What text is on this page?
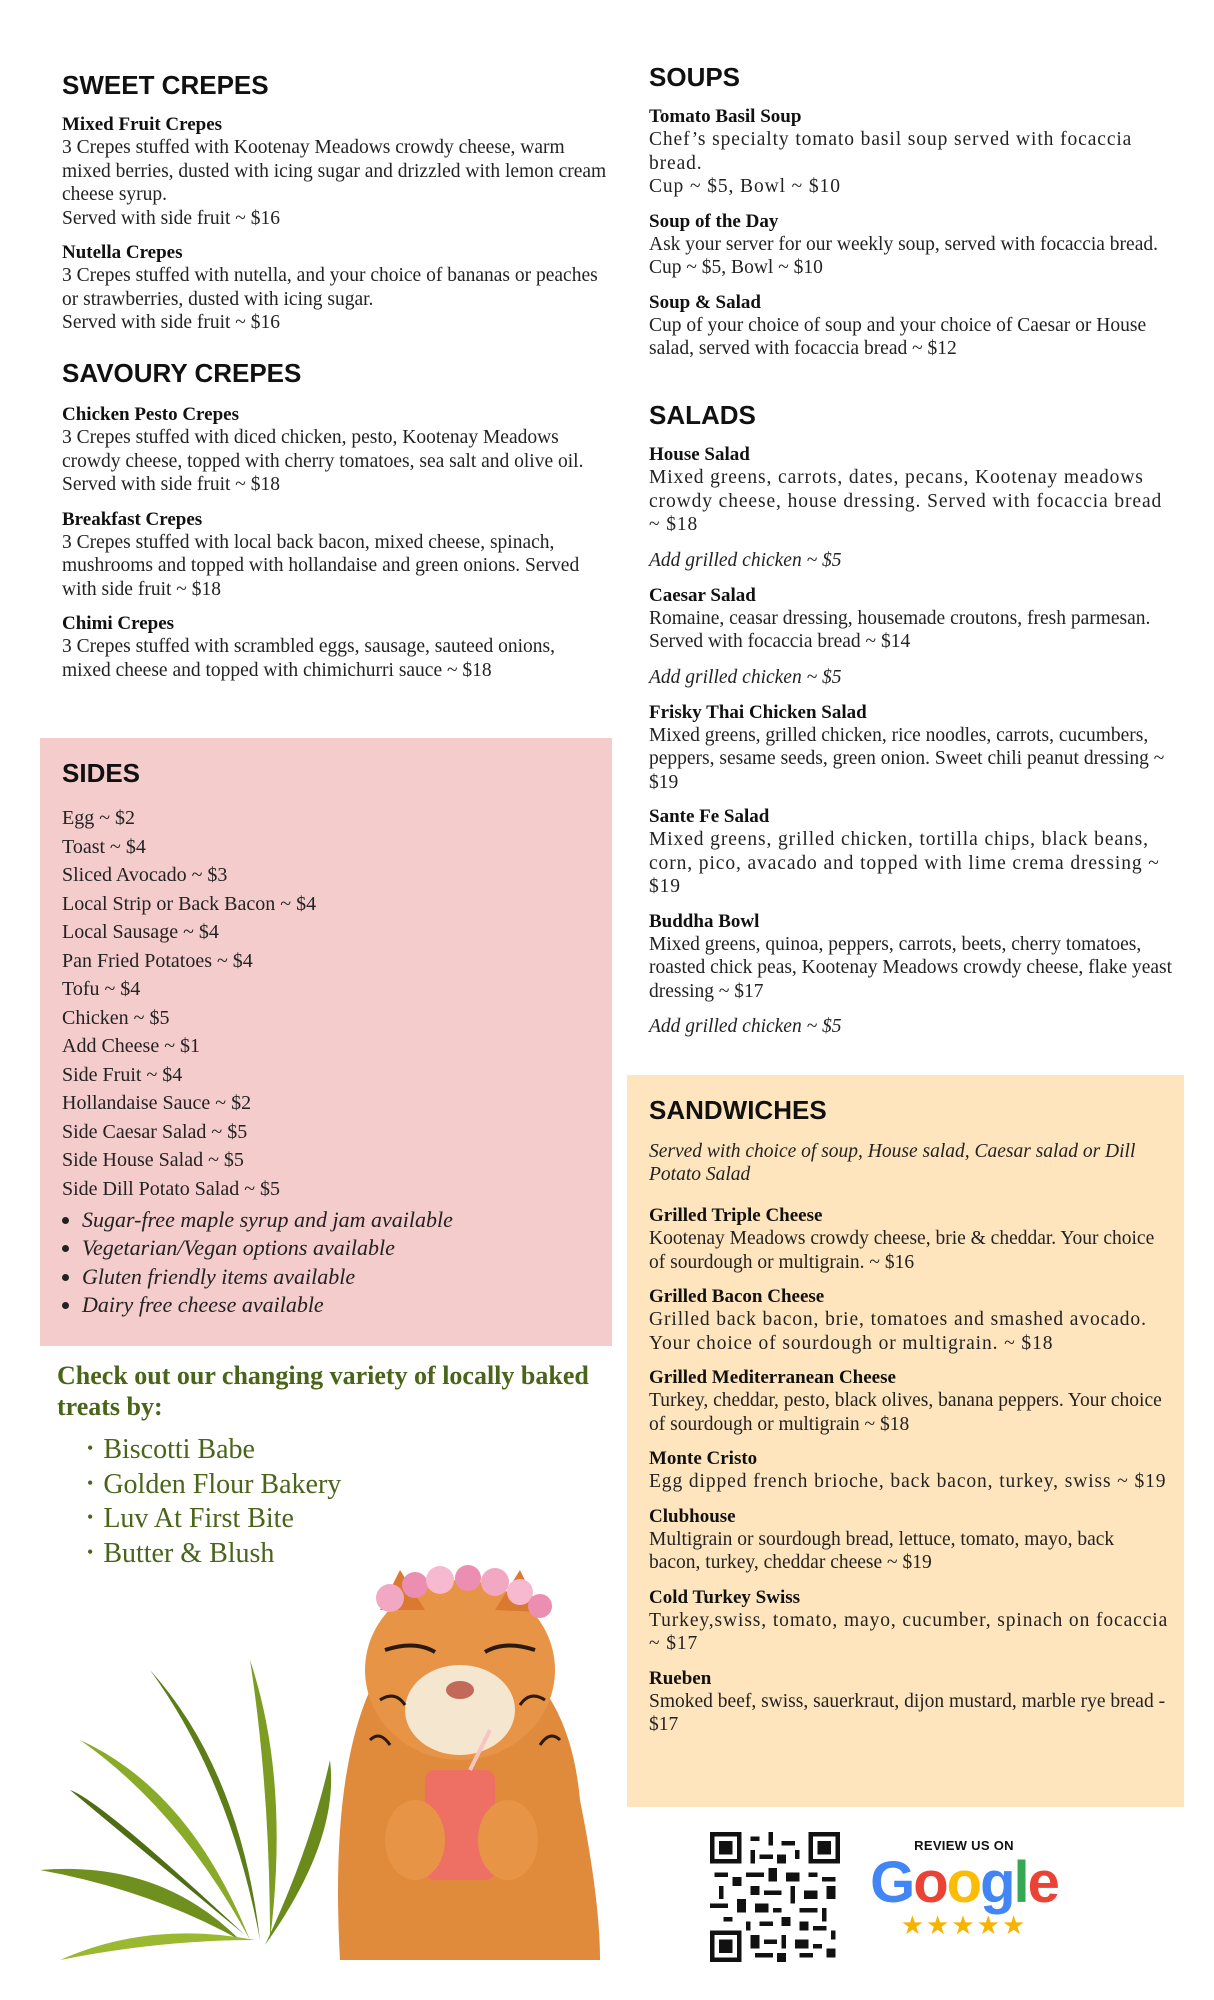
SWEET CREPES
Mixed Fruit Crepes
3 Crepes stuffed with Kootenay Meadows crowdy cheese, warm mixed berries, dusted with icing sugar and drizzled with lemon cream cheese syrup.
Served with side fruit ~ $16
Nutella Crepes
3 Crepes stuffed with nutella, and your choice of bananas or peaches or strawberries, dusted with icing sugar.
Served with side fruit ~ $16
SAVOURY CREPES
Chicken Pesto Crepes
3 Crepes stuffed with diced chicken, pesto, Kootenay Meadows crowdy cheese, topped with cherry tomatoes, sea salt and olive oil. Served with side fruit ~ $18
Breakfast Crepes
3 Crepes stuffed with local back bacon, mixed cheese, spinach, mushrooms and topped with hollandaise and green onions. Served with side fruit ~ $18
Chimi Crepes
3 Crepes stuffed with scrambled eggs, sausage, sauteed onions, mixed cheese and topped with chimichurri sauce ~ $18
SIDES
Egg ~ $2
Toast ~ $4
Sliced Avocado ~ $3
Local Strip or Back Bacon ~ $4
Local Sausage ~ $4
Pan Fried Potatoes ~ $4
Tofu ~ $4
Chicken ~ $5
Add Cheese ~ $1
Side Fruit ~ $4
Hollandaise Sauce ~ $2
Side Caesar Salad ~ $5
Side House Salad ~ $5
Side Dill Potato Salad ~ $5
• Sugar-free maple syrup and jam available
• Vegetarian/Vegan options available
• Gluten friendly items available
• Dairy free cheese available
Check out our changing variety of locally baked treats by:
• Biscotti Babe
• Golden Flour Bakery
• Luv At First Bite
• Butter & Blush
SOUPS
Tomato Basil Soup
Chef’s specialty tomato basil soup served with focaccia bread.
Cup ~ $5, Bowl ~ $10
Soup of the Day
Ask your server for our weekly soup, served with focaccia bread.
Cup ~ $5, Bowl ~ $10
Soup & Salad
Cup of your choice of soup and your choice of Caesar or House salad, served with focaccia bread ~ $12
SALADS
House Salad
Mixed greens, carrots, dates, pecans, Kootenay meadows crowdy cheese, house dressing. Served with focaccia bread ~ $18
Add grilled chicken ~ $5
Caesar Salad
Romaine, ceasar dressing, housemade croutons, fresh parmesan. Served with focaccia bread ~ $14
Add grilled chicken ~ $5
Frisky Thai Chicken Salad
Mixed greens, grilled chicken, rice noodles, carrots, cucumbers, peppers, sesame seeds, green onion. Sweet chili peanut dressing ~ $19
Sante Fe Salad
Mixed greens, grilled chicken, tortilla chips, black beans, corn, pico, avacado and topped with lime crema dressing ~ $19
Buddha Bowl
Mixed greens, quinoa, peppers, carrots, beets, cherry tomatoes, roasted chick peas, Kootenay Meadows crowdy cheese, flake yeast dressing ~ $17
Add grilled chicken ~ $5
SANDWICHES
Served with choice of soup, House salad, Caesar salad or Dill Potato Salad
Grilled Triple Cheese
Kootenay Meadows crowdy cheese, brie & cheddar. Your choice of sourdough or multigrain. ~ $16
Grilled Bacon Cheese
Grilled back bacon, brie, tomatoes and smashed avocado. Your choice of sourdough or multigrain. ~ $18
Grilled Mediterranean Cheese
Turkey, cheddar, pesto, black olives, banana peppers. Your choice of sourdough or multigrain ~ $18
Monte Cristo
Egg dipped french brioche, back bacon, turkey, swiss ~ $19
Clubhouse
Multigrain or sourdough bread, lettuce, tomato, mayo, back bacon, turkey, cheddar cheese ~ $19
Cold Turkey Swiss
Turkey,swiss, tomato, mayo, cucumber, spinach on focaccia ~ $17
Rueben
Smoked beef, swiss, sauerkraut, dijon mustard, marble rye bread - $17
REVIEW US ON
Google
★★★★★
